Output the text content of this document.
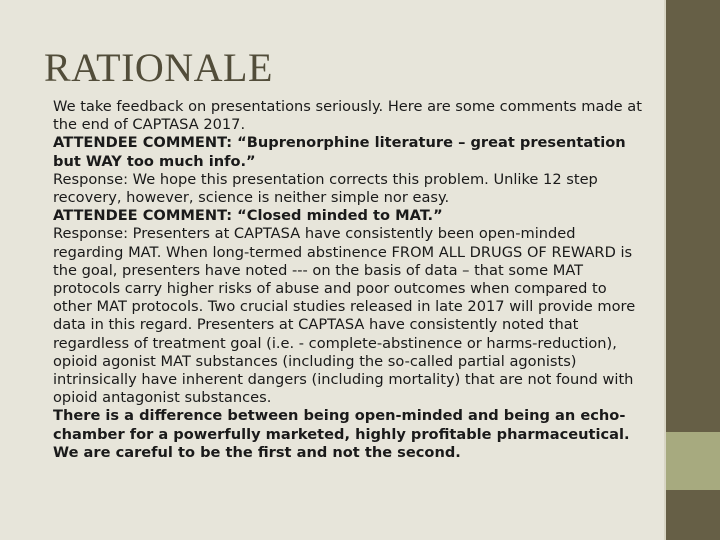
RATIONALE

We take feedback on presentations seriously. Here are some comments made at the end of CAPTASA 2017.

ATTENDEE COMMENT: “Buprenorphine literature – great presentation but WAY too much info.”

Response: We hope this presentation corrects this problem. Unlike 12 step recovery, however, science is neither simple nor easy.

ATTENDEE COMMENT: “Closed minded to MAT.”

Response: Presenters at CAPTASA have consistently been open-minded regarding MAT. When long-termed abstinence FROM ALL DRUGS OF REWARD is the goal, presenters have noted --- on the basis of data – that some MAT protocols carry higher risks of abuse and poor outcomes when compared to other MAT protocols. Two crucial studies released in late 2017 will provide more data in this regard. Presenters at CAPTASA have consistently noted that regardless of treatment goal (i.e. - complete-abstinence or harms-reduction), opioid agonist MAT substances (including the so-called partial agonists) intrinsically have inherent dangers (including mortality) that are not found with opioid antagonist substances.

There is a difference between being open-minded and being an echo-chamber for a powerfully marketed, highly profitable pharmaceutical. We are careful to be the first and not the second.
